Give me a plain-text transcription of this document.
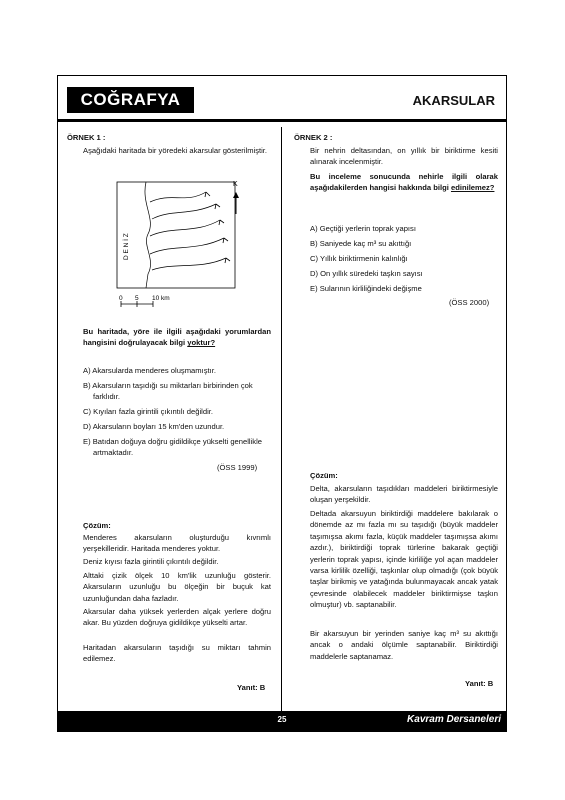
COĞRAFYA	AKARSULAR
ÖRNEK 1 :

Aşağıdaki haritada bir yöredeki akarsular gösterilmiştir.

K
D E N İ Z
0 5 10 km

Bu haritada, yöre ile ilgili aşağıdaki yorumlardan hangisini doğrulayacak bilgi yoktur?

A) Akarsularda menderes oluşmamıştır.

B) Akarsuların taşıdığı su miktarları birbirinden çok farklıdır.

C) Kıyıları fazla girintili çıkıntılı değildir.

D) Akarsuların boyları 15 km'den uzundur.

E) Batıdan doğuya doğru gidildikçe yükselti genellikle artmaktadır.

(ÖSS 1999)
Çözüm:

Menderes akarsuların oluşturduğu kıvrımlı yerşekilleridir. Haritada menderes yoktur.

Deniz kıyısı fazla girintili çıkıntılı değildir.

Alttaki çizik ölçek 10 km'lik uzunluğu gösterir. Akarsuların uzunluğu bu ölçeğin bir buçuk kat uzunluğundan daha fazladır.

Akarsular daha yüksek yerlerden alçak yerlere doğru akar. Bu yüzden doğruya gidildikçe yükselti artar.

Haritadan akarsuların taşıdığı su miktarı tahmin edilemez.

Yanıt: B
ÖRNEK 2 :

Bir nehrin deltasından, on yıllık bir biriktirme kesiti alınarak incelenmiştir.

Bu inceleme sonucunda nehirle ilgili olarak aşağıdakilerden hangisi hakkında bilgi edinilemez?

A) Geçtiği yerlerin toprak yapısı

B) Saniyede kaç m³ su akıttığı

C) Yıllık biriktirmenin kalınlığı

D) On yıllık süredeki taşkın sayısı

E) Sularının kirliliğindeki değişme

(ÖSS 2000)
Çözüm:

Delta, akarsuların taşıdıkları maddeleri biriktirmesiyle oluşan yerşekildir.

Deltada akarsuyun biriktirdiği maddelere bakılarak o dönemde az mı fazla mı su taşıdığı (büyük maddeler taşımışsa akımı fazla, küçük maddeler taşımışsa akımı azdır.), biriktirdiği toprak türlerine bakarak geçtiği yerlerin toprak yapısı, içinde kirliliğe yol açan maddeler varsa kirlilik özelliği, taşkınlar olup olmadığı (çok büyük taşlar birikmiş ve yatağında bulunmayacak ancak yatak çevresinde olabilecek maddeler biriktirmişse taşkın olmuştur) vb. saptanabilir.

Bir akarsuyun bir yerinden saniye kaç m³ su akıttığı ancak o andaki ölçümle saptanabilir. Biriktirdiği maddelerle saptanamaz.

Yanıt: B
25	Kavram Dersaneleri
